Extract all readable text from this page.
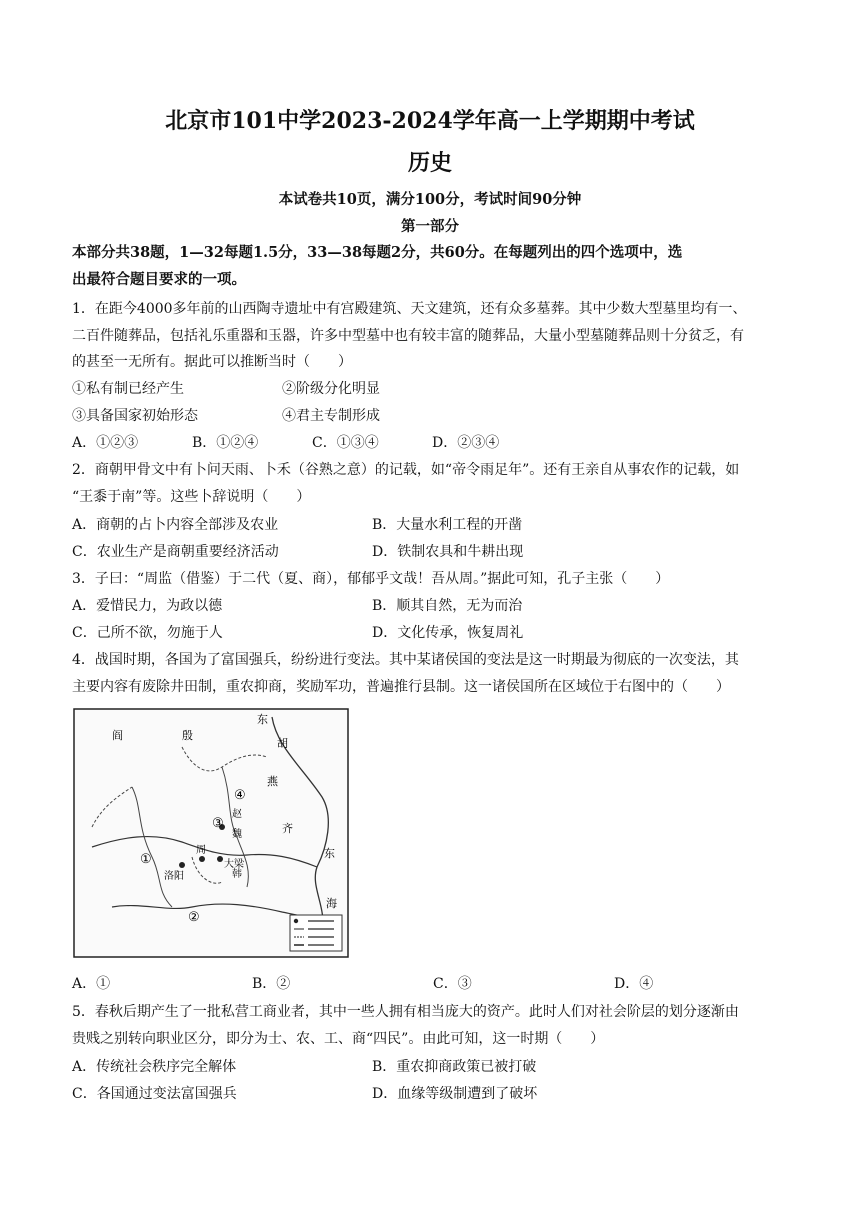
北京市101中学2023-2024学年高一上学期期中考试
历史
本试卷共10页，满分100分，考试时间90分钟
第一部分
本部分共38题，1—32每题1.5分，33—38每题2分，共60分。在每题列出的四个选项中，选
出最符合题目要求的一项。
1．在距今4000多年前的山西陶寺遗址中有宫殿建筑、天文建筑，还有众多墓葬。其中少数大型墓里均有一、
二百件随葬品，包括礼乐重器和玉器，许多中型墓中也有较丰富的随葬品，大量小型墓随葬品则十分贫乏，有
的甚至一无所有。据此可以推断当时（　　）
①私有制已经产生	②阶级分化明显
③具备国家初始形态	④君主专制形成
A．①②③	B．①②④	C．①③④	D．②③④
2．商朝甲骨文中有卜问天雨、卜禾（谷熟之意）的记载，如“帝令雨足年”。还有王亲自从事农作的记载，如
“王黍于南”等。这些卜辞说明（　　）
A．商朝的占卜内容全部涉及农业	B．大量水利工程的开凿
C．农业生产是商朝重要经济活动	D．铁制农具和牛耕出现
3．子曰：“周监（借鉴）于二代（夏、商），郁郁乎文哉！吾从周。”据此可知，孔子主张（　　）
A．爱惜民力，为政以德	B．顺其自然，无为而治
C．己所不欲，勿施于人	D．文化传承，恢复周礼
4．战国时期，各国为了富国强兵，纷纷进行变法。其中某诸侯国的变法是这一时期最为彻底的一次变法，其
主要内容有废除井田制，重农抑商，奖励军功，普遍推行县制。这一诸侯国所在区域位于右图中的（　　）
阎	殷
东
胡
燕
赵
魏	齐
韩
周
大梁
洛阳
东
海
①
②
③
④
A．①	B．②	C．③	D．④
5．春秋后期产生了一批私营工商业者，其中一些人拥有相当庞大的资产。此时人们对社会阶层的划分逐渐由
贵贱之别转向职业区分，即分为士、农、工、商“四民”。由此可知，这一时期（　　）
A．传统社会秩序完全解体	B．重农抑商政策已被打破
C．各国通过变法富国强兵	D．血缘等级制遭到了破坏
